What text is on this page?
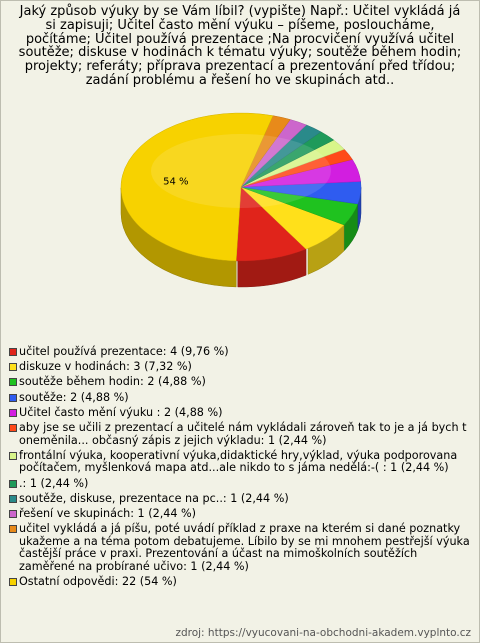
Jaký způsob výuky by se Vám líbil? (vypište) Např.: Učitel vykládá já
si zapisuji; Učitel často mění výuku – píšeme, posloucháme,
počítáme; Učitel používá prezentace ;Na procvičení využívá učitel
soutěže; diskuse v hodinách k tématu výuky; soutěže během hodin;
projekty; referáty; příprava prezentací a prezentování před třídou;
zadání problému a řešení ho ve skupinách atd..
54 %
učitel používá prezentace: 4 (9,76 %)
diskuze v hodinách: 3 (7,32 %)
soutěže během hodin: 2 (4,88 %)
soutěže: 2 (4,88 %)
Učitel často mění výuku : 2 (4,88 %)
aby jse se učili z prezentací a učitelé nám vykládali zároveň tak to je a já bych t oneměnila... občasný zápis z jejich výkladu: 1 (2,44 %)
frontální výuka, kooperativní výuka,didaktické hry,výklad, výuka podporovana počítačem, myšlenková mapa atd...ale nikdo to s jáma nedělá:-( : 1 (2,44 %)
.: 1 (2,44 %)
soutěže, diskuse, prezentace na pc..: 1 (2,44 %)
řešení ve skupinách: 1 (2,44 %)
učitel vykládá a já píšu, poté uvádí příklad z praxe na kterém si dané poznatky ukažeme a na téma potom debatujeme. Líbilo by se mi mnohem pestřejší výuka častější práce v praxi. Prezentování a účast na mimoškolních soutěžích zaměřené na probírané učivo: 1 (2,44 %)
Ostatní odpovědi: 22 (54 %)
zdroj: https://vyucovani-na-obchodni-akadem.vyplnto.cz
